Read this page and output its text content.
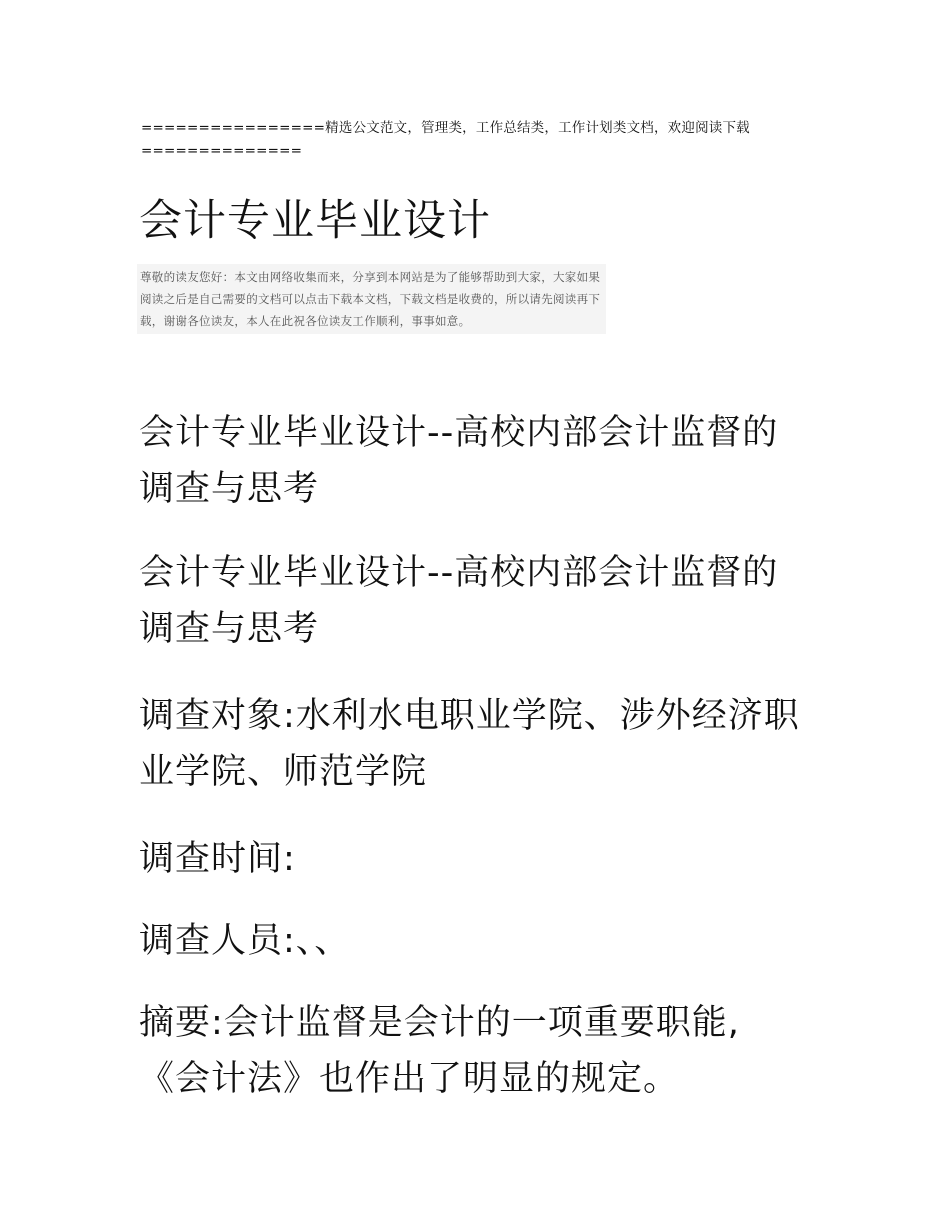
================精选公文范文，管理类，工作总结类，工作计划类文档，欢迎阅读下载==============
会计专业毕业设计
尊敬的读友您好：本文由网络收集而来，分享到本网站是为了能够帮助到大家，大家如果阅读之后是自己需要的文档可以点击下载本文档，下载文档是收费的，所以请先阅读再下载，谢谢各位读友，本人在此祝各位读友工作顺利，事事如意。

会计专业毕业设计--高校内部会计监督的调查与思考

会计专业毕业设计--高校内部会计监督的调查与思考

调查对象:水利水电职业学院、涉外经济职业学院、师范学院

调查时间:

调查人员:、、

摘要:会计监督是会计的一项重要职能,《会计法》也作出了明显的规定。
